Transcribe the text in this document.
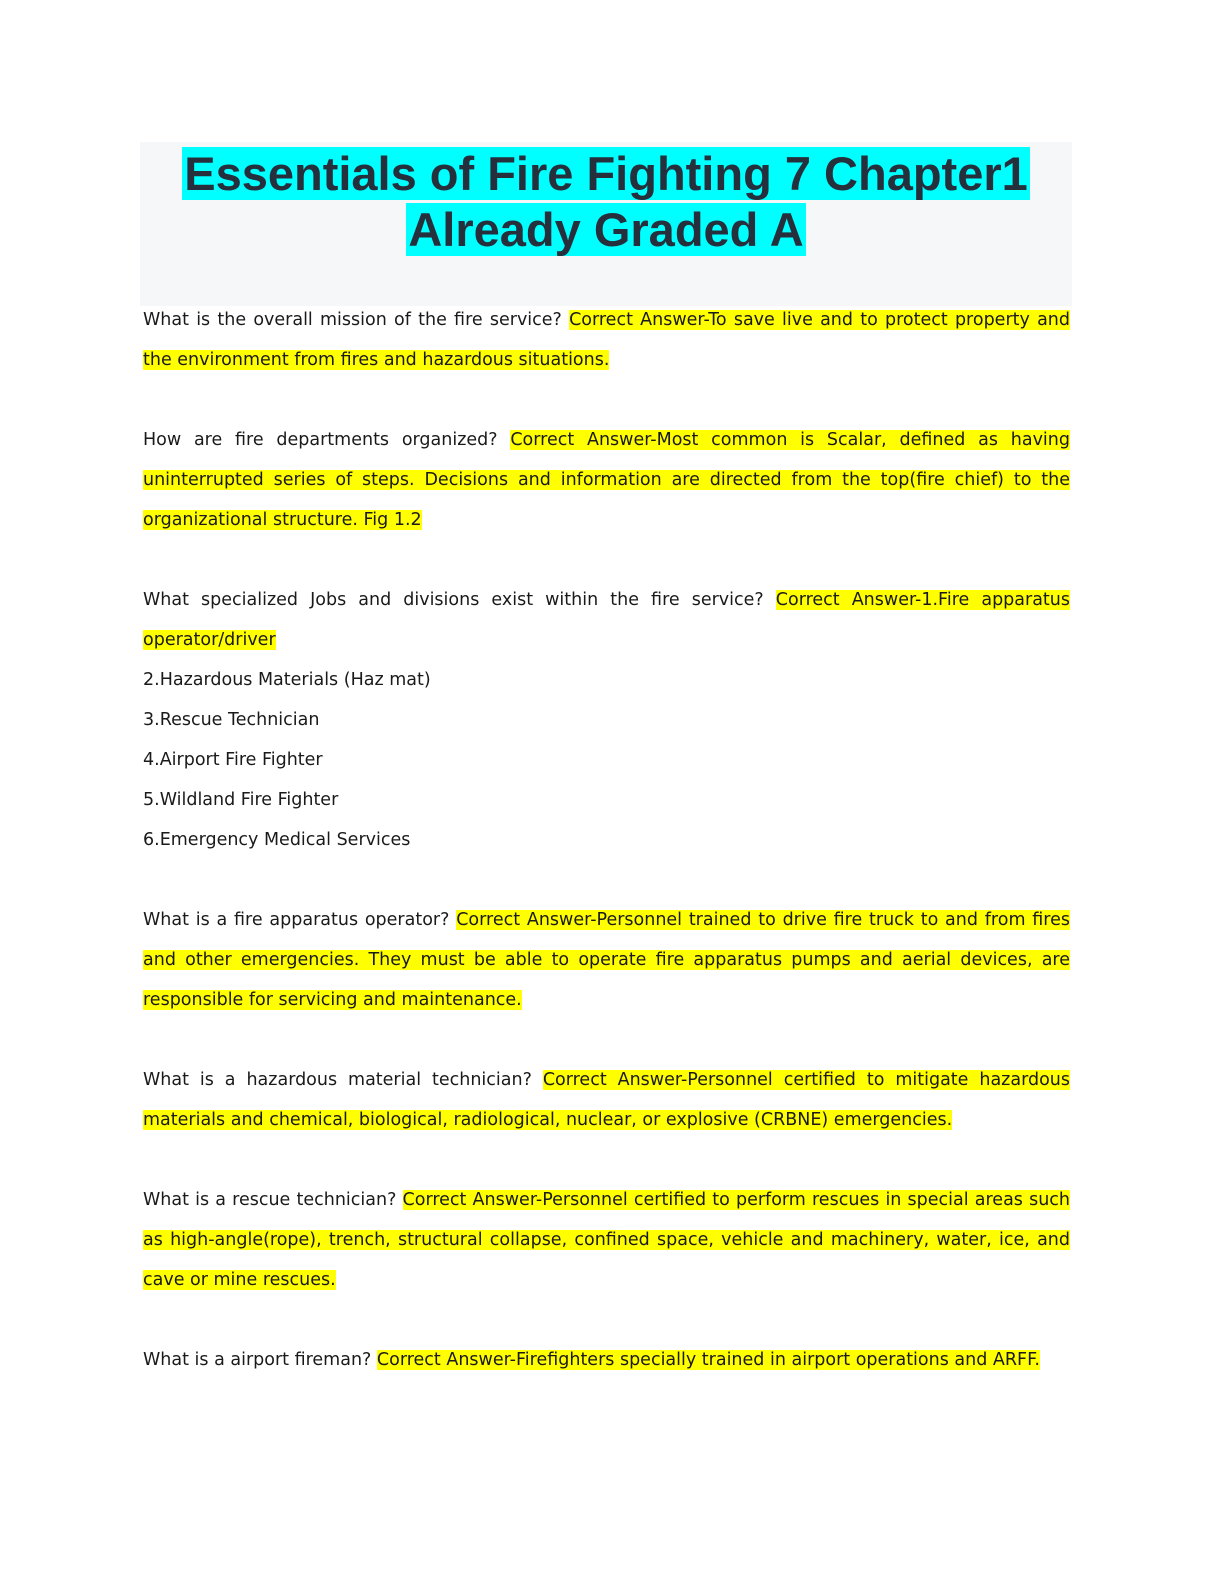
Essentials of Fire Fighting 7 Chapter1
Already Graded A

What is the overall mission of the fire service? Correct Answer-To save live and to protect property and the environment from fires and hazardous situations.

How are fire departments organized? Correct Answer-Most common is Scalar, defined as having uninterrupted series of steps. Decisions and information are directed from the top(fire chief) to the organizational structure. Fig 1.2

What specialized Jobs and divisions exist within the fire service? Correct Answer-1.Fire apparatus operator/driver
2.Hazardous Materials (Haz mat)
3.Rescue Technician
4.Airport Fire Fighter
5.Wildland Fire Fighter
6.Emergency Medical Services

What is a fire apparatus operator? Correct Answer-Personnel trained to drive fire truck to and from fires and other emergencies. They must be able to operate fire apparatus pumps and aerial devices, are responsible for servicing and maintenance.

What is a hazardous material technician? Correct Answer-Personnel certified to mitigate hazardous materials and chemical, biological, radiological, nuclear, or explosive (CRBNE) emergencies.

What is a rescue technician? Correct Answer-Personnel certified to perform rescues in special areas such as high-angle(rope), trench, structural collapse, confined space, vehicle and machinery, water, ice, and cave or mine rescues.

What is a airport fireman? Correct Answer-Firefighters specially trained in airport operations and ARFF.
